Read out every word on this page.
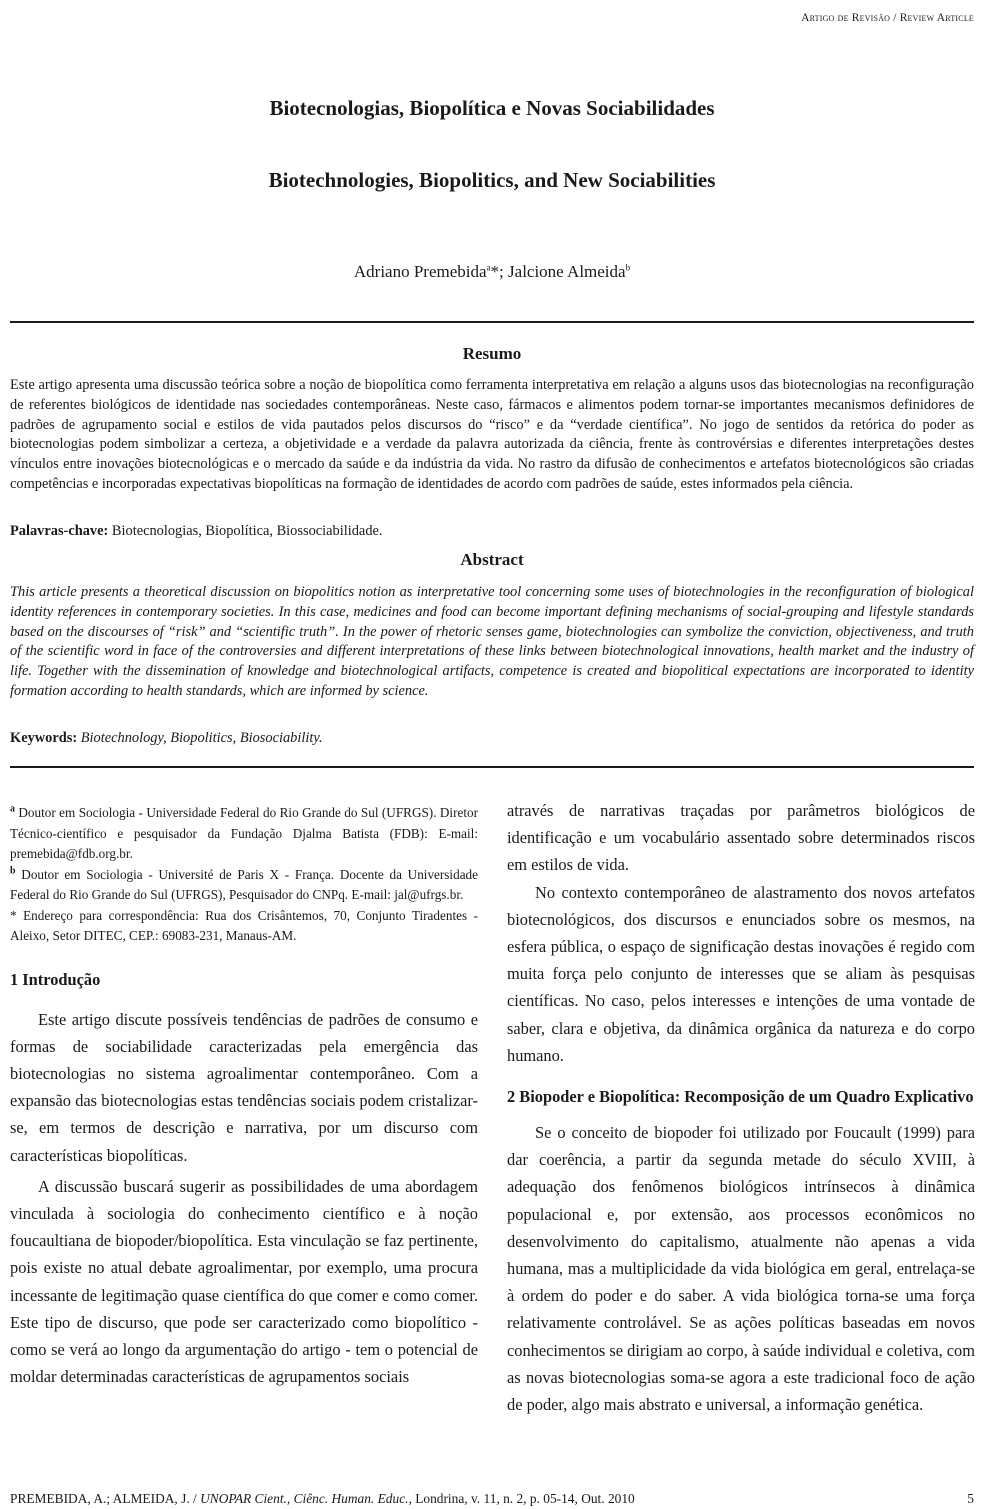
Artigo de Revisão / Review Article
Biotecnologias, Biopolítica e Novas Sociabilidades
Biotechnologies, Biopolitics, and New Sociabilities
Adriano Premebida$^a$*; Jalcione Almeida$^b$
Resumo
Este artigo apresenta uma discussão teórica sobre a noção de biopolítica como ferramenta interpretativa em relação a alguns usos das biotecnologias na reconfiguração de referentes biológicos de identidade nas sociedades contemporâneas. Neste caso, fármacos e alimentos podem tornar-se importantes mecanismos definidores de padrões de agrupamento social e estilos de vida pautados pelos discursos do “risco” e da “verdade científica”. No jogo de sentidos da retórica do poder as biotecnologias podem simbolizar a certeza, a objetividade e a verdade da palavra autorizada da ciência, frente às controvérsias e diferentes interpretações destes vínculos entre inovações biotecnológicas e o mercado da saúde e da indústria da vida. No rastro da difusão de conhecimentos e artefatos biotecnológicos são criadas competências e incorporadas expectativas biopolíticas na formação de identidades de acordo com padrões de saúde, estes informados pela ciência.
Palavras-chave: Biotecnologias, Biopolítica, Biossociabilidade.
Abstract
This article presents a theoretical discussion on biopolitics notion as interpretative tool concerning some uses of biotechnologies in the reconfiguration of biological identity references in contemporary societies. In this case, medicines and food can become important defining mechanisms of social-grouping and lifestyle standards based on the discourses of “risk” and “scientific truth”. In the power of rhetoric senses game, biotechnologies can symbolize the conviction, objectiveness, and truth of the scientific word in face of the controversies and different interpretations of these links between biotechnological innovations, health market and the industry of life. Together with the dissemination of knowledge and biotechnological artifacts, competence is created and biopolitical expectations are incorporated to identity formation according to health standards, which are informed by science.
Keywords: Biotechnology, Biopolitics, Biosociability.

$^a$ Doutor em Sociologia - Universidade Federal do Rio Grande do Sul (UFRGS). Diretor Técnico-científico e pesquisador da Fundação Djalma Batista (FDB): E-mail: premebida@fdb.org.br.

$^b$ Doutor em Sociologia - Université de Paris X - França. Docente da Universidade Federal do Rio Grande do Sul (UFRGS), Pesquisador do CNPq. E-mail: jal@ufrgs.br.

* Endereço para correspondência: Rua dos Crisântemos, 70, Conjunto Tiradentes - Aleixo, Setor DITEC, CEP.: 69083-231, Manaus-AM.

1 Introdução

Este artigo discute possíveis tendências de padrões de consumo e formas de sociabilidade caracterizadas pela emergência das biotecnologias no sistema agroalimentar contemporâneo. Com a expansão das biotecnologias estas tendências sociais podem cristalizar-se, em termos de descrição e narrativa, por um discurso com características biopolíticas.

A discussão buscará sugerir as possibilidades de uma abordagem vinculada à sociologia do conhecimento científico e à noção foucaultiana de biopoder/biopolítica. Esta vinculação se faz pertinente, pois existe no atual debate agroalimentar, por exemplo, uma procura incessante de legitimação quase científica do que comer e como comer. Este tipo de discurso, que pode ser caracterizado como biopolítico - como se verá ao longo da argumentação do artigo - tem o potencial de moldar determinadas características de agrupamentos sociais

através de narrativas traçadas por parâmetros biológicos de identificação e um vocabulário assentado sobre determinados riscos em estilos de vida.

No contexto contemporâneo de alastramento dos novos artefatos biotecnológicos, dos discursos e enunciados sobre os mesmos, na esfera pública, o espaço de significação destas inovações é regido com muita força pelo conjunto de interesses que se aliam às pesquisas científicas. No caso, pelos interesses e intenções de uma vontade de saber, clara e objetiva, da dinâmica orgânica da natureza e do corpo humano.

2 Biopoder e Biopolítica: Recomposição de um Quadro Explicativo

Se o conceito de biopoder foi utilizado por Foucault (1999) para dar coerência, a partir da segunda metade do século XVIII, à adequação dos fenômenos biológicos intrínsecos à dinâmica populacional e, por extensão, aos processos econômicos no desenvolvimento do capitalismo, atualmente não apenas a vida humana, mas a multiplicidade da vida biológica em geral, entrelaça-se à ordem do poder e do saber. A vida biológica torna-se uma força relativamente controlável. Se as ações políticas baseadas em novos conhecimentos se dirigiam ao corpo, à saúde individual e coletiva, com as novas biotecnologias soma-se agora a este tradicional foco de ação de poder, algo mais abstrato e universal, a informação genética.

PREMEBIDA, A.; ALMEIDA, J. / UNOPAR Cient., Ciênc. Human. Educ., Londrina, v. 11, n. 2, p. 05-14, Out. 2010	5
